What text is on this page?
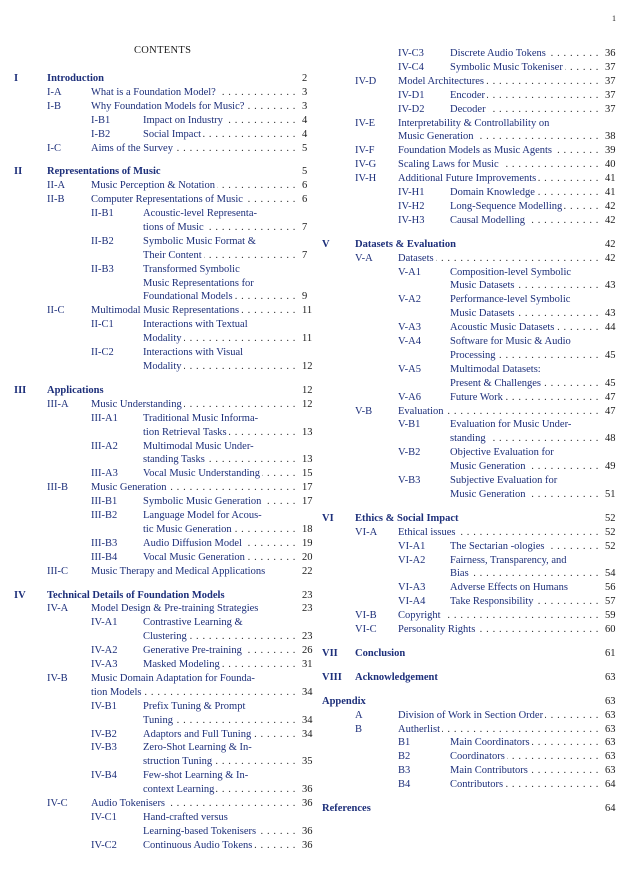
1
CONTENTS
I	Introduction	2
I-A	. . . What is a Foundation Model?	3
I-B	. . . Why Foundation Models for Music?	3
I-B1	. . . Impact on Industry	4
I-B2	. . . Social Impact	4
I-C	. . . Aims of the Survey	5
II Representations of Music	5
II-A . . . Music Perception & Notation	6
II-B	. . . Computer Representations of Music	6
II-B1	Acoustic-level Representa-
. . . tions of Music	7
II-B2	Symbolic Music Format &
. . . Their Content	7
II-B3	Transformed Symbolic
Music Representations for
. . . Foundational Models	9
II-C	. . . Multimodal Music Representations	11
II-C1	Interactions with Textual
. . . Modality	11
II-C2	Interactions with Visual
. . . Modality	12
III Applications	12
III-A . . . Music Understanding	12
III-A1 Traditional Music Informa-
. . . tion Retrieval Tasks	13
III-A2 Multimodal Music Under-
. . . standing Tasks	13
III-A3 . . . Vocal Music Understanding	15
III-B . . . Music Generation	17
III-B1 . . . Symbolic Music Generation	17
III-B2 Language Model for Acous-
. . . tic Music Generation	18
III-B3 . . . Audio Diffusion Model	19
III-B4 . . . Vocal Music Generation	20
III-C Music Therapy and Medical Applications	22
IV Technical Details of Foundation Models	23
IV-A Model Design & Pre-training Strategies	23
IV-A1 Contrastive Learning &
. . . Clustering	23
IV-A2 . . . Generative Pre-training	26
IV-A3 . . . Masked Modeling	31
IV-B Music Domain Adaptation for Founda-
. . . tion Models	34
IV-B1 Prefix Tuning & Prompt
. . . Tuning	34
IV-B2 . . . Adaptors and Full Tuning	34
IV-B3 Zero-Shot Learning & In-
. . . struction Tuning	35
IV-B4 Few-shot Learning & In-
. . . context Learning	36
IV-C . . . Audio Tokenisers	36
IV-C1 Hand-crafted versus
. . . Learning-based Tokenisers	36
IV-C2 . . . Continuous Audio Tokens	36
IV-C3 . . . Discrete Audio Tokens	36
IV-C4 . . . Symbolic Music Tokeniser	37
IV-D . . . Model Architectures	37
IV-D1 . . . Encoder	37
IV-D2 . . . Decoder	37
IV-E Interpretability & Controllability on
. . . Music Generation	38
IV-F . . . Foundation Models as Music Agents	39
IV-G . . . Scaling Laws for Music	40
IV-H . . . Additional Future Improvements	41
IV-H1 . . . Domain Knowledge	41
IV-H2 . . . Long-Sequence Modelling	42
IV-H3 . . . Causal Modelling	42
V Datasets & Evaluation	42
V-A . . . Datasets	42
V-A1	Composition-level Symbolic
. . . Music Datasets	43
V-A2	Performance-level Symbolic
. . . Music Datasets	43
V-A3	. . . Acoustic Music Datasets	44
V-A4	Software for Music & Audio
. . . Processing	45
V-A5	Multimodal Datasets:
. . . Present & Challenges	45
V-A6	. . . Future Work	47
V-B . . . Evaluation	47
V-B1	Evaluation for Music Under-
. . . standing	48
V-B2	Objective Evaluation for
. . . Music Generation	49
V-B3	Subjective Evaluation for
. . . Music Generation	51
VI Ethics & Social Impact	52
VI-A . . . Ethical issues	52
VI-A1 . . . The Sectarian -ologies	52
VI-A2 Fairness, Transparency, and
. . . Bias	54
VI-A3 Adverse Effects on Humans	56
VI-A4 . . . Take Responsibility	57
VI-B . . . Copyright	59
VI-C . . . Personality Rights	60
VII Conclusion	61
VIII Acknowledgement	63
Appendix	63
A	. . . Division of Work in Section Order	63
B	. . . Autherlist	63
B1	. . . Main Coordinators	63
B2	. . . Coordinators	63
B3	. . . Main Contributors	63
B4	. . . Contributors	64
References	64
